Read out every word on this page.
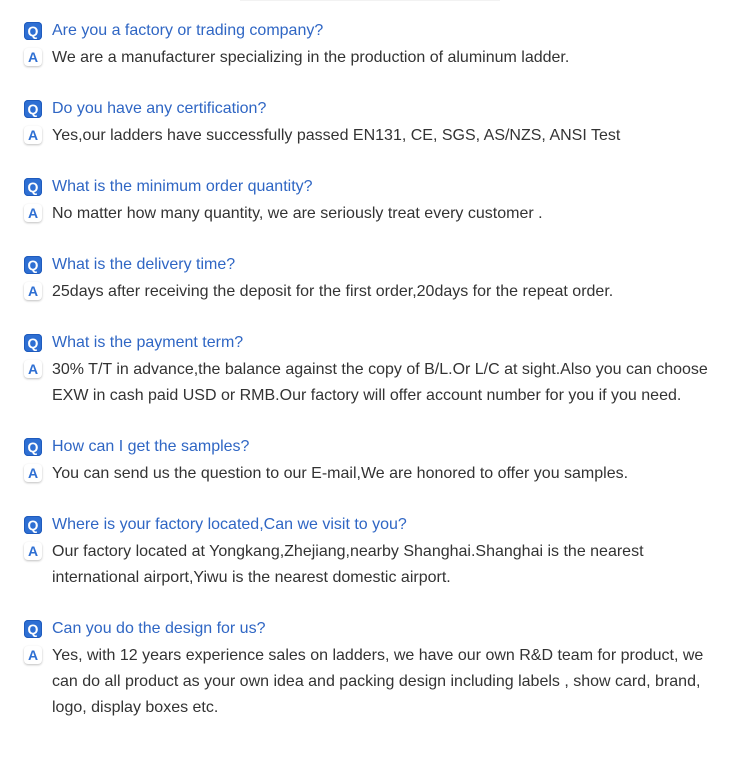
Q Are you a factory or trading company?
A We are a manufacturer specializing in the production of aluminum ladder.
Q Do you have any certification?
A Yes,our ladders have successfully passed EN131, CE, SGS, AS/NZS, ANSI Test
Q What is the minimum order quantity?
A No matter how many quantity, we are seriously treat every customer .
Q What is the delivery time?
A 25days after receiving the deposit for the first order,20days for the repeat order.
Q What is the payment term?
A 30% T/T in advance,the balance against the copy of B/L.Or L/C at sight.Also you can choose EXW in cash paid USD or RMB.Our factory will offer account number for you if you need.
Q How can I get the samples?
A You can send us the question to our E-mail,We are honored to offer you samples.
Q Where is your factory located,Can we visit to you?
A Our factory located at Yongkang,Zhejiang,nearby Shanghai.Shanghai is the nearest international airport,Yiwu is the nearest domestic airport.
Q Can you do the design for us?
A Yes, with 12 years experience sales on ladders, we have our own R&D team for product, we can do all product as your own idea and packing design including labels , show card, brand, logo, display boxes etc.
